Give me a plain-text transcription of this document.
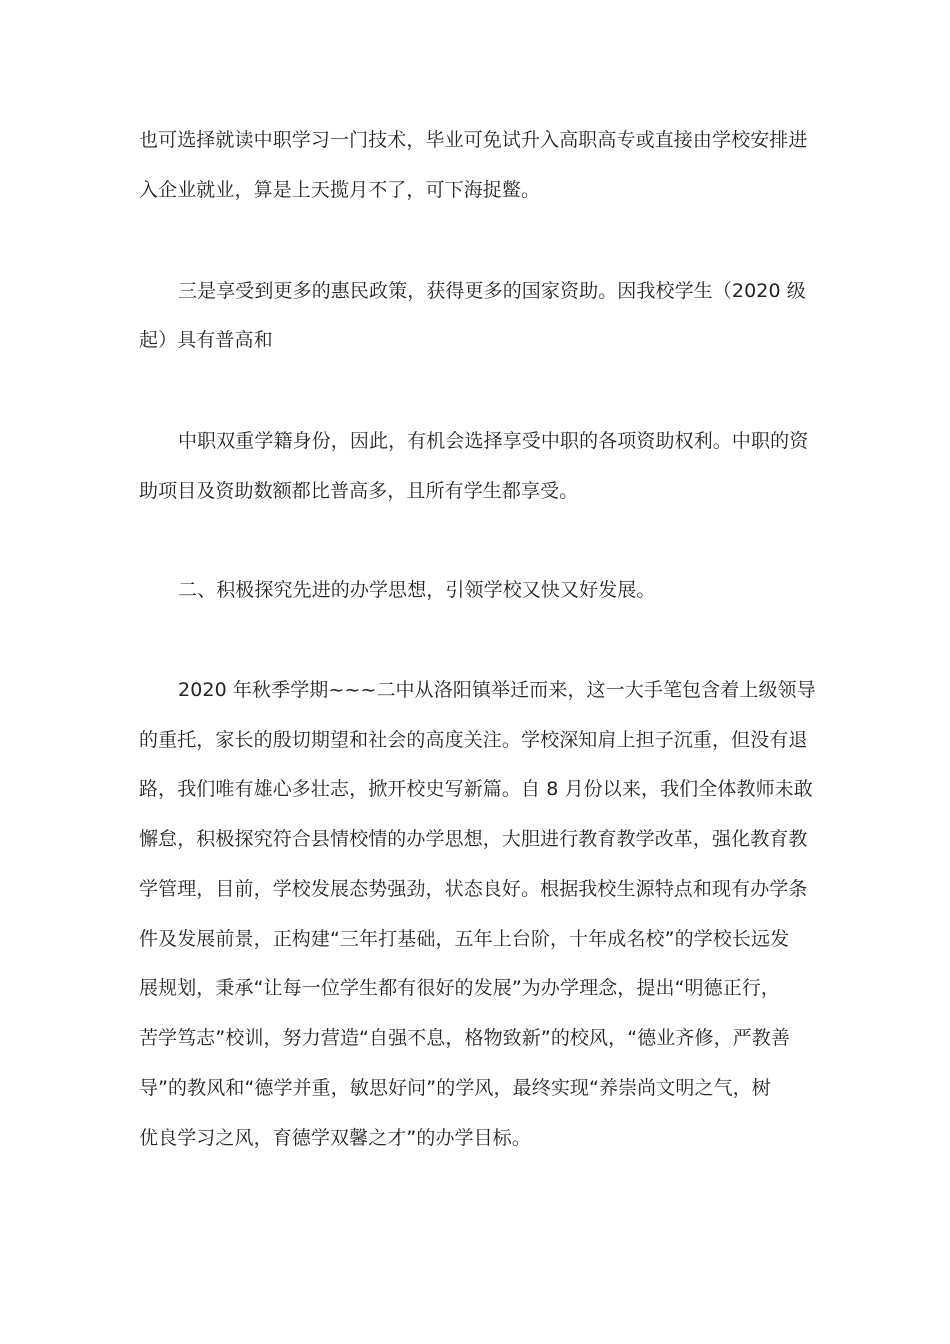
也可选择就读中职学习一门技术，毕业可免试升入高职高专或直接由学校安排进

入企业就业，算是上天揽月不了，可下海捉鳖。

三是享受到更多的惠民政策，获得更多的国家资助。因我校学生（2020 级

起）具有普高和

中职双重学籍身份，因此，有机会选择享受中职的各项资助权利。中职的资

助项目及资助数额都比普高多，且所有学生都享受。

二、积极探究先进的办学思想，引领学校又快又好发展。

2020 年秋季学期~~~二中从洛阳镇举迁而来，这一大手笔包含着上级领导

的重托，家长的殷切期望和社会的高度关注。学校深知肩上担子沉重，但没有退

路，我们唯有雄心多壮志，掀开校史写新篇。自 8 月份以来，我们全体教师未敢

懈怠，积极探究符合县情校情的办学思想，大胆进行教育教学改革，强化教育教

学管理，目前，学校发展态势强劲，状态良好。根据我校生源特点和现有办学条

件及发展前景，正构建“三年打基础，五年上台阶，十年成名校”的学校长远发

展规划，秉承“让每一位学生都有很好的发展”为办学理念，提出“明德正行，

苦学笃志”校训，努力营造“自强不息，格物致新”的校风，“德业齐修，严教善

导”的教风和“德学并重，敏思好问”的学风，最终实现“养崇尚文明之气，树

优良学习之风，育德学双馨之才”的办学目标。
